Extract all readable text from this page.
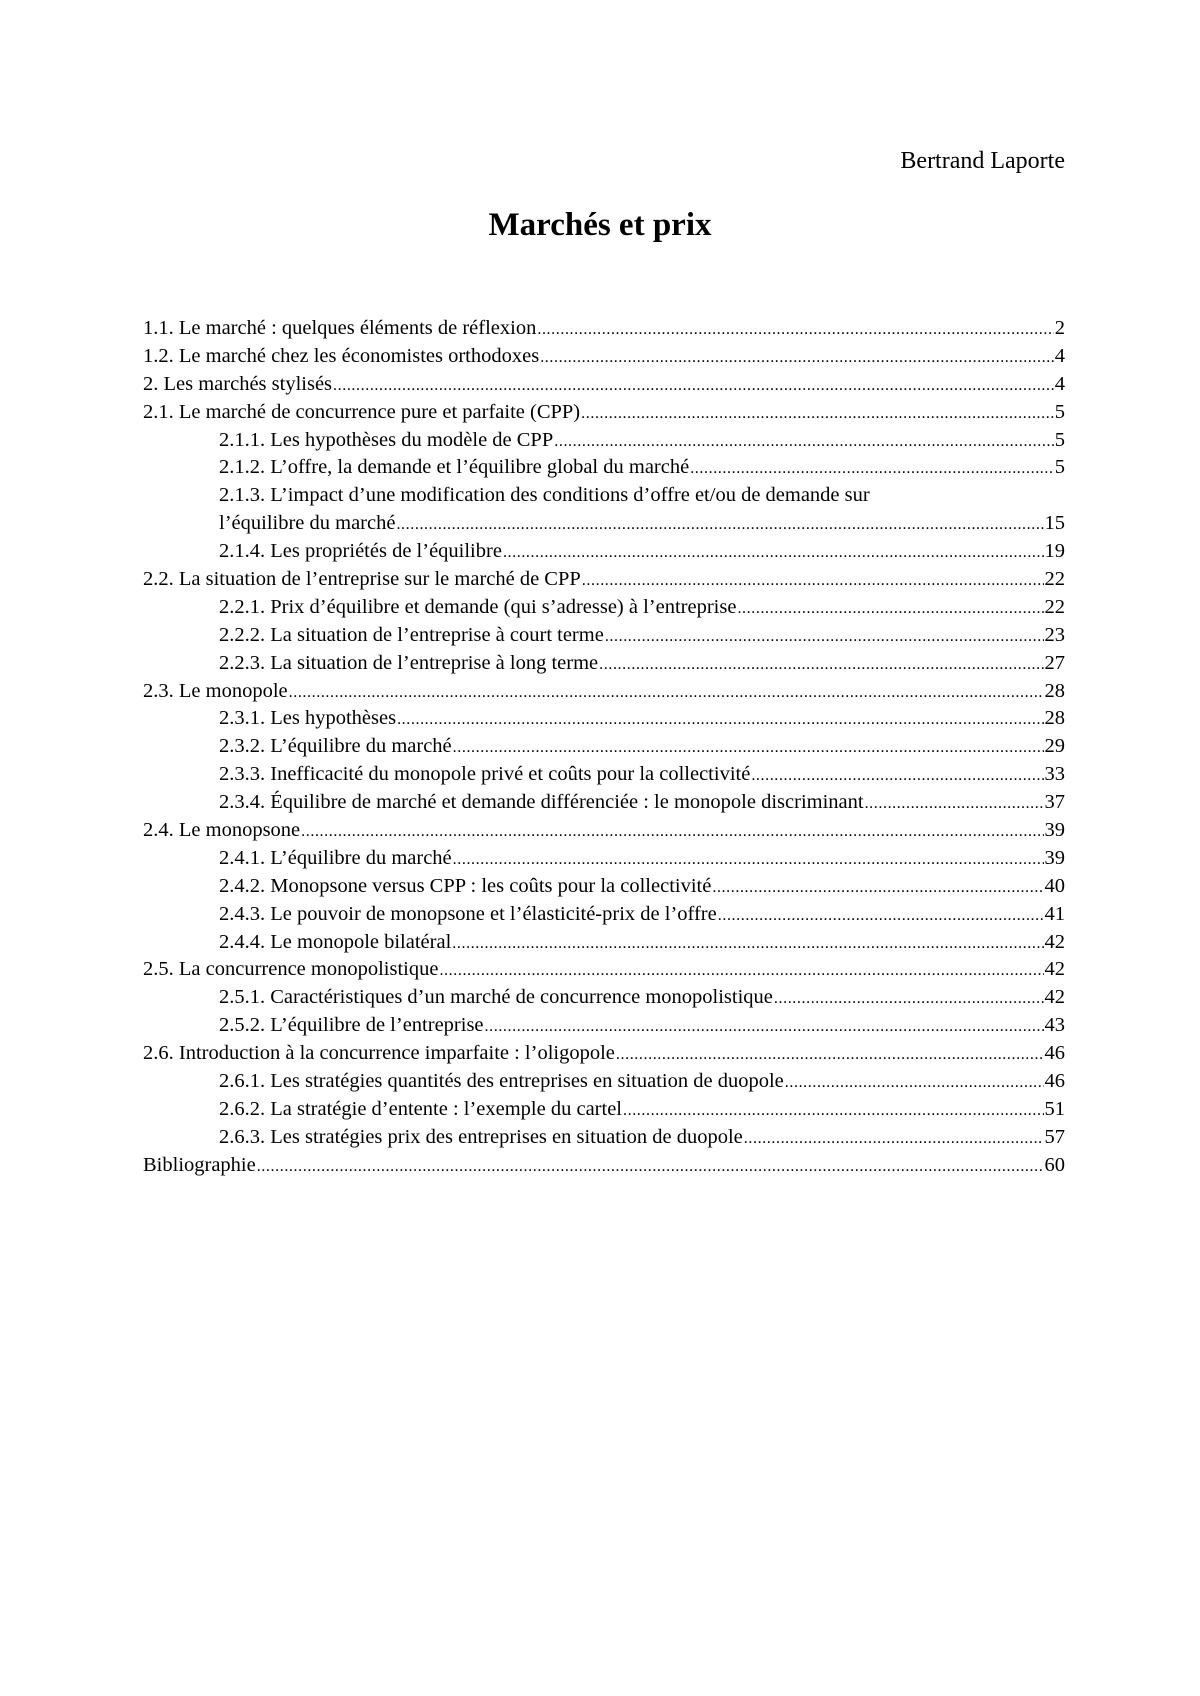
Bertrand Laporte
Marchés et prix
1.1. Le marché : quelques éléments de réflexion .....	2
1.2. Le marché chez les économistes orthodoxes .....	4
2. Les marchés stylisés .....	4
2.1. Le marché de concurrence pure et parfaite (CPP) .....	5
2.1.1. Les hypothèses du modèle de CPP .....	5
2.1.2. L’offre, la demande et l’équilibre global du marché .....	5
2.1.3. L’impact d’une modification des conditions d’offre et/ou de demande sur
l’équilibre du marché .....	15
2.1.4. Les propriétés de l’équilibre .....	19
2.2. La situation de l’entreprise sur le marché de CPP .....	22
2.2.1. Prix d’équilibre et demande (qui s’adresse) à l’entreprise .....	22
2.2.2. La situation de l’entreprise à court terme .....	23
2.2.3. La situation de l’entreprise à long terme .....	27
2.3. Le monopole .....	28
2.3.1. Les hypothèses .....	28
2.3.2. L’équilibre du marché .....	29
2.3.3. Inefficacité du monopole privé et coûts pour la collectivité .....	33
2.3.4. Équilibre de marché et demande différenciée : le monopole discriminant .....	37
2.4. Le monopsone .....	39
2.4.1. L’équilibre du marché .....	39
2.4.2. Monopsone versus CPP : les coûts pour la collectivité .....	40
2.4.3. Le pouvoir de monopsone et l’élasticité-prix de l’offre .....	41
2.4.4. Le monopole bilatéral .....	42
2.5. La concurrence monopolistique .....	42
2.5.1. Caractéristiques d’un marché de concurrence monopolistique .....	42
2.5.2. L’équilibre de l’entreprise .....	43
2.6. Introduction à la concurrence imparfaite : l’oligopole .....	46
2.6.1. Les stratégies quantités des entreprises en situation de duopole .....	46
2.6.2. La stratégie d’entente : l’exemple du cartel .....	51
2.6.3. Les stratégies prix des entreprises en situation de duopole .....	57
Bibliographie .....	60
